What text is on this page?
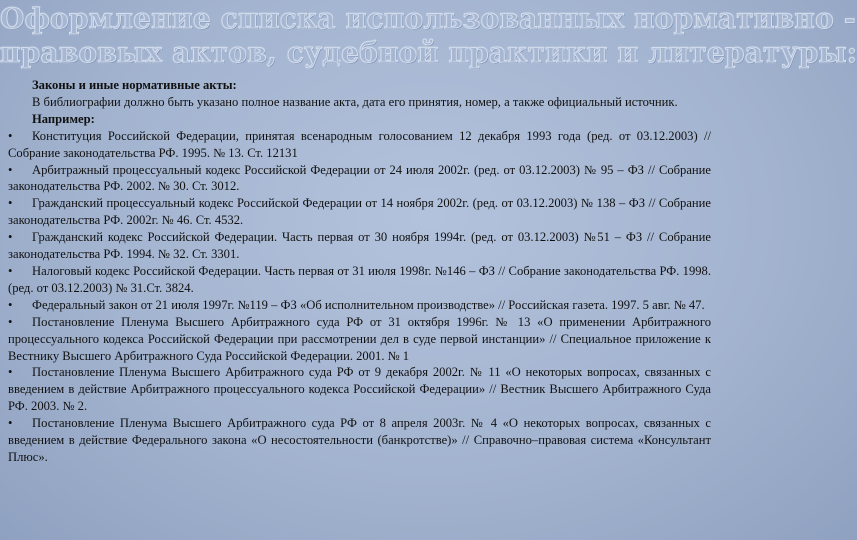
Оформление списка использованных нормативно -
правовых актов, судебной практики и литературы:

Законы и иные нормативные акты:

В библиографии должно быть указано полное название акта, дата его принятия, номер, а также официальный источник.

Например:

• Конституция Российской Федерации, принятая всенародным голосованием 12 декабря 1993 года (ред. от 03.12.2003) // Собрание законодательства РФ. 1995. № 13. Ст. 12131

• Арбитражный процессуальный кодекс Российской Федерации от 24 июля 2002г. (ред. от 03.12.2003) № 95 – ФЗ // Собрание законодательства РФ. 2002. № 30. Ст. 3012.

• Гражданский процессуальный кодекс Российской Федерации от 14 ноября 2002г. (ред. от 03.12.2003) № 138 – ФЗ // Собрание законодательства РФ. 2002г. № 46. Ст. 4532.

• Гражданский кодекс Российской Федерации. Часть первая от 30 ноября 1994г. (ред. от 03.12.2003) №51 – ФЗ // Собрание законодательства РФ. 1994. № 32. Ст. 3301.

• Налоговый кодекс Российской Федерации. Часть первая от 31 июля 1998г. №146 – ФЗ // Собрание законодательства РФ. 1998. (ред. от 03.12.2003) № 31.Ст. 3824.

• Федеральный закон от 21 июля 1997г. №119 – ФЗ «Об исполнительном производстве» // Российская газета. 1997. 5 авг. № 47.

• Постановление Пленума Высшего Арбитражного суда РФ от 31 октября 1996г. № 13 «О применении Арбитражного процессуального кодекса Российской Федерации при рассмотрении дел в суде первой инстанции» // Специальное приложение к Вестнику Высшего Арбитражного Суда Российской Федерации. 2001. № 1

• Постановление Пленума Высшего Арбитражного суда РФ от 9 декабря 2002г. № 11 «О некоторых вопросах, связанных с введением в действие Арбитражного процессуального кодекса Российской Федерации» // Вестник Высшего Арбитражного Суда РФ. 2003. № 2.

• Постановление Пленума Высшего Арбитражного суда РФ от 8 апреля 2003г. № 4 «О некоторых вопросах, связанных с введением в действие Федерального закона «О несостоятельности (банкротстве)» // Справочно–правовая система «Консультант Плюс».
